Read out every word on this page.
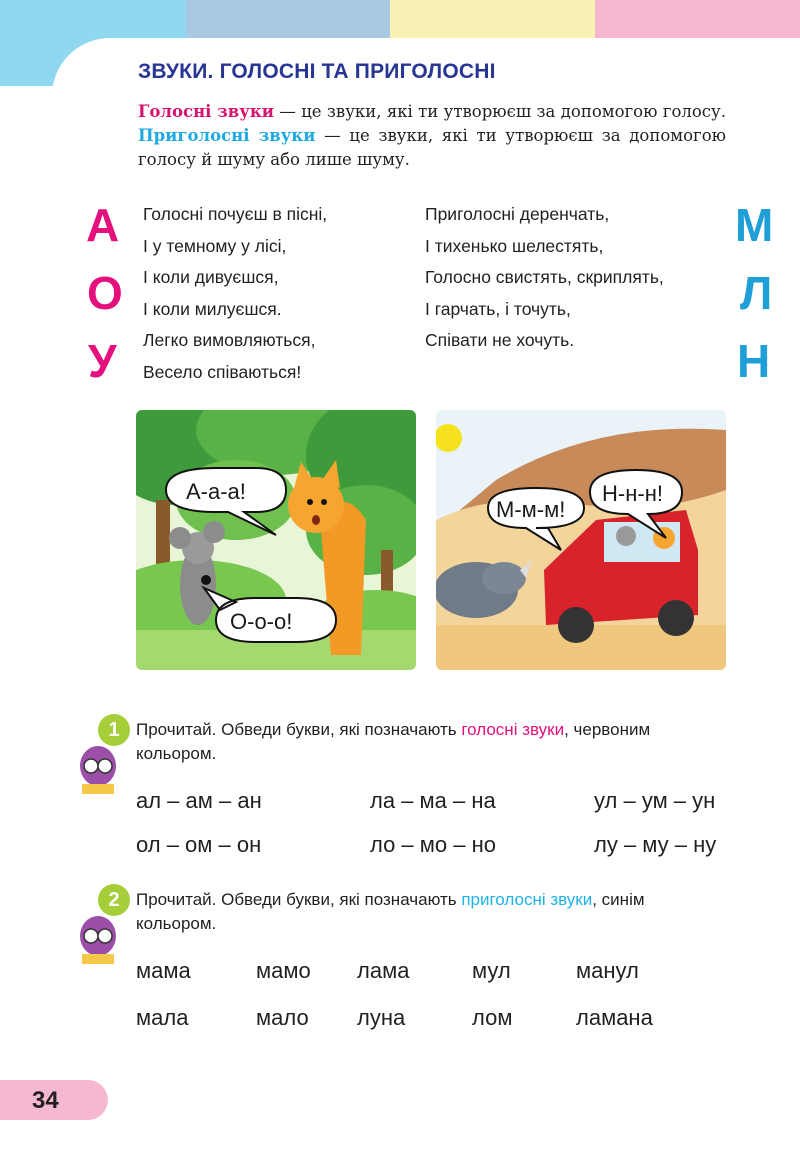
ЗВУКИ. ГОЛОСНІ ТА ПРИГОЛОСНІ
Голосні звуки — це звуки, які ти утворюєш за допомогою голосу. Приголосні звуки — це звуки, які ти утворюєш за допомогою голосу й шуму або лише шуму.
А
О
У
М
Л
Н
Голосні почуєш в пісні,
І у темному у лісі,
І коли дивуєшся,
І коли милуєшся.
Легко вимовляються,
Весело співаються!
Приголосні деренчать,
І тихенько шелестять,
Голосно свистять, скриплять,
І гарчать, і точуть,
Співати не хочуть.
А-а-а!
О-о-о!
М-м-м!
Н-н-н!
1 Прочитай. Обведи букви, які позначають голосні звуки, червоним кольором.
ал – ам – ан	ла – ма – на	ул – ум – ун
ол – ом – он	ло – мо – но	лу – му – ну
2 Прочитай. Обведи букви, які позначають приголосні звуки, синім кольором.
мама	мамо лама	мул	манул
мала	мало луна	лом	ламана
34
